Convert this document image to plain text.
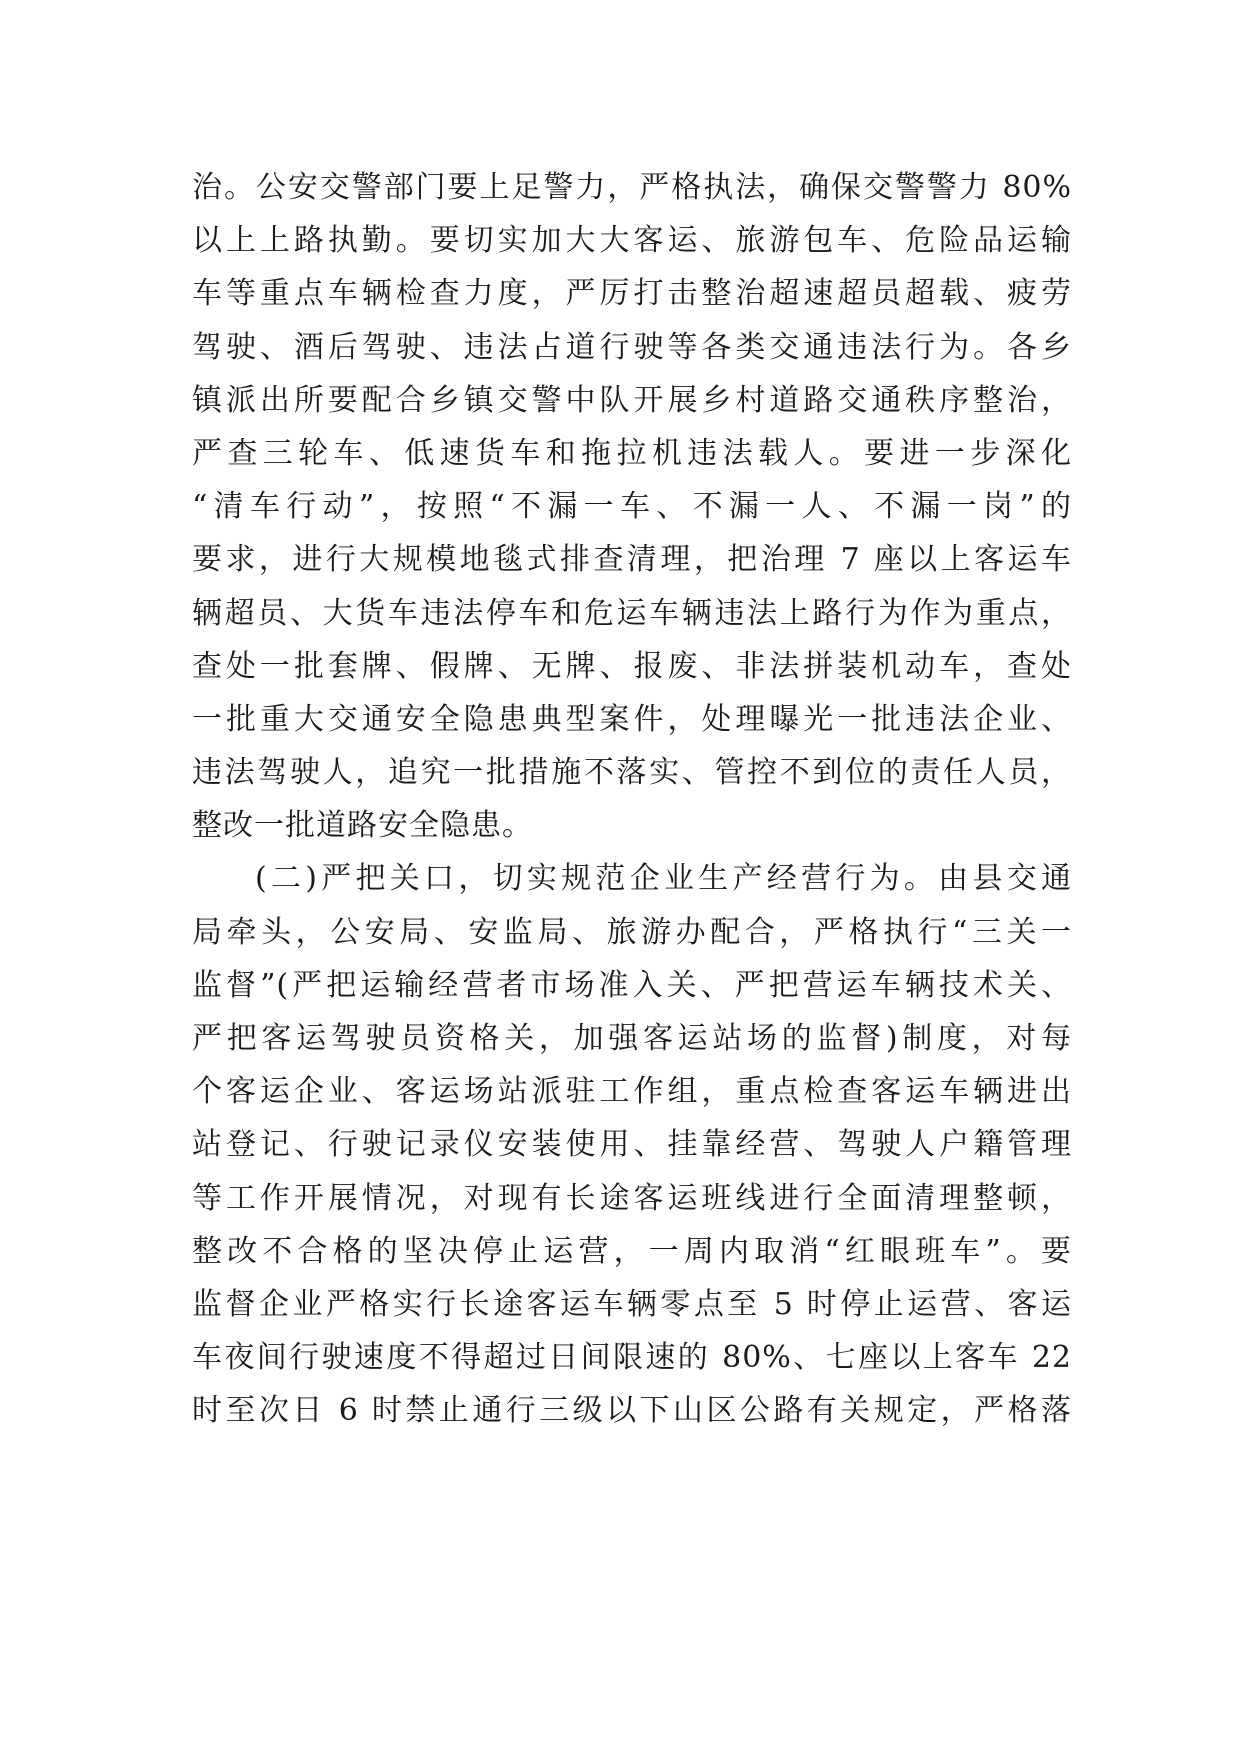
治。公安交警部门要上足警力，严格执法，确保交警警力 80%
以上上路执勤。要切实加大大客运、旅游包车、危险品运输
车等重点车辆检查力度，严厉打击整治超速超员超载、疲劳
驾驶、酒后驾驶、违法占道行驶等各类交通违法行为。各乡
镇派出所要配合乡镇交警中队开展乡村道路交通秩序整治，
严查三轮车、低速货车和拖拉机违法载人。要进一步深化
“清车行动”，按照“不漏一车、不漏一人、不漏一岗”的
要求，进行大规模地毯式排查清理，把治理 7 座以上客运车
辆超员、大货车违法停车和危运车辆违法上路行为作为重点，
查处一批套牌、假牌、无牌、报废、非法拼装机动车，查处
一批重大交通安全隐患典型案件，处理曝光一批违法企业、
违法驾驶人，追究一批措施不落实、管控不到位的责任人员，
整改一批道路安全隐患。
(二)严把关口，切实规范企业生产经营行为。由县交通
局牵头，公安局、安监局、旅游办配合，严格执行“三关一
监督”(严把运输经营者市场准入关、严把营运车辆技术关、
严把客运驾驶员资格关，加强客运站场的监督)制度，对每
个客运企业、客运场站派驻工作组，重点检查客运车辆进出
站登记、行驶记录仪安装使用、挂靠经营、驾驶人户籍管理
等工作开展情况，对现有长途客运班线进行全面清理整顿，
整改不合格的坚决停止运营，一周内取消“红眼班车”。要
监督企业严格实行长途客运车辆零点至 5 时停止运营、客运
车夜间行驶速度不得超过日间限速的 80%、七座以上客车 22
时至次日 6 时禁止通行三级以下山区公路有关规定，严格落
